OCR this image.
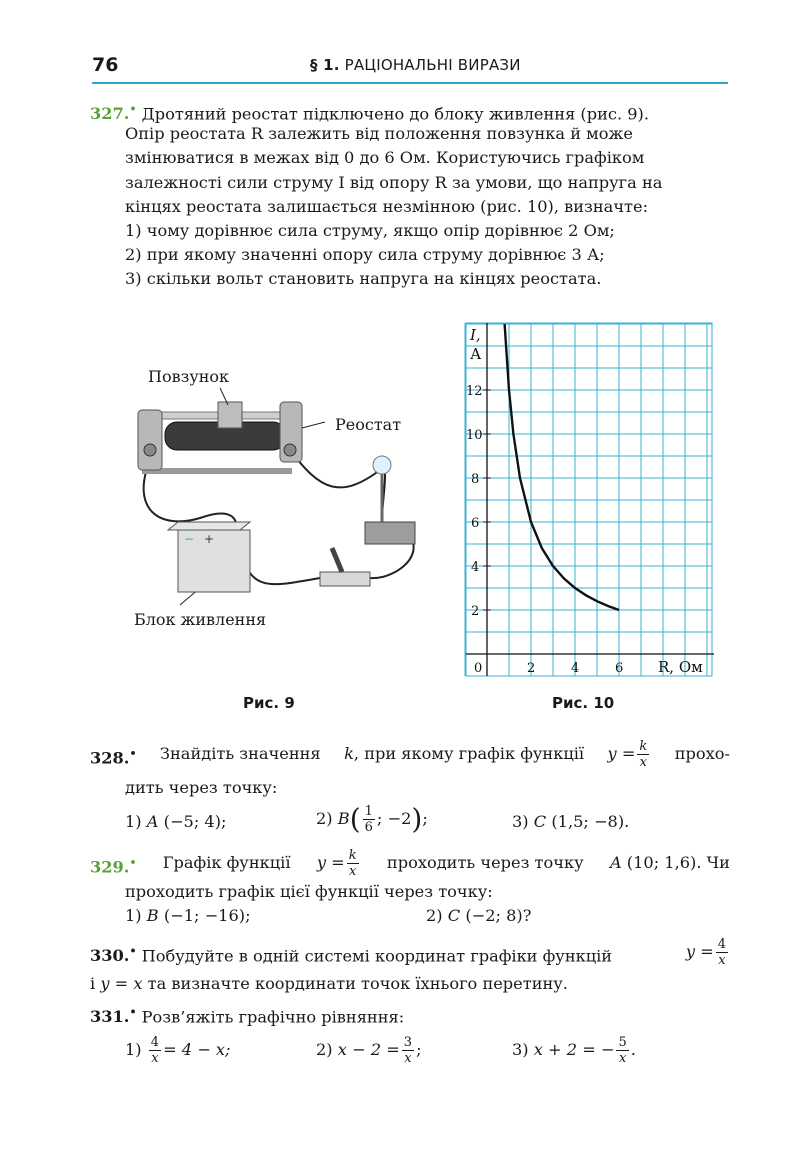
76	§ 1. РАЦІОНАЛЬНІ ВИРАЗИ
327.• Дротяний реостат підключено до блоку живлення (рис. 9).
Опір реостата R залежить від положення повзунка й може
змінюватися в межах від 0 до 6 Ом. Користуючись графіком
залежності сили струму I від опору R за умови, що напруга на
кінцях реостата залишається незмінною (рис. 10), визначте:
1) чому дорівнює сила струму, якщо опір дорівнює 2 Ом;
2) при якому значенні опору сила струму дорівнює 3 А;
3) скільки вольт становить напруга на кінцях реостата.
− +
Повзунок
Реостат
Блок живлення
Рис. 9
2	4	6
2
4
6
8
10
12
I,
А
R, Ом
0
Рис. 10
328.• Знайдіть значення k, при якому графік функції $y = \frac{k}{x}$ прохо-
дить через точку:
1) A (−5; 4);	2) $B( \frac{1}{6}$ ; −2);	3) C (1,5; −8).
329.• Графік функції $y = \frac{k}{x}$ проходить через точку A (10; 1,6). Чи
проходить графік цієї функції через точку:
1) B (−1; −16);	2) C (−2; 8)?
330.• Побудуйте в одній системі координат графіки функцій	$y = \frac{4}{x}$
і y = x та визначте координати точок їхнього перетину.
331.• Розв’яжіть графічно рівняння:
$1) \frac{4}{x} = 4 - x$;	2) $x - 2 = \frac{3}{x}$ ;	3) x + 2 = − $\frac{5}{x}$ .
